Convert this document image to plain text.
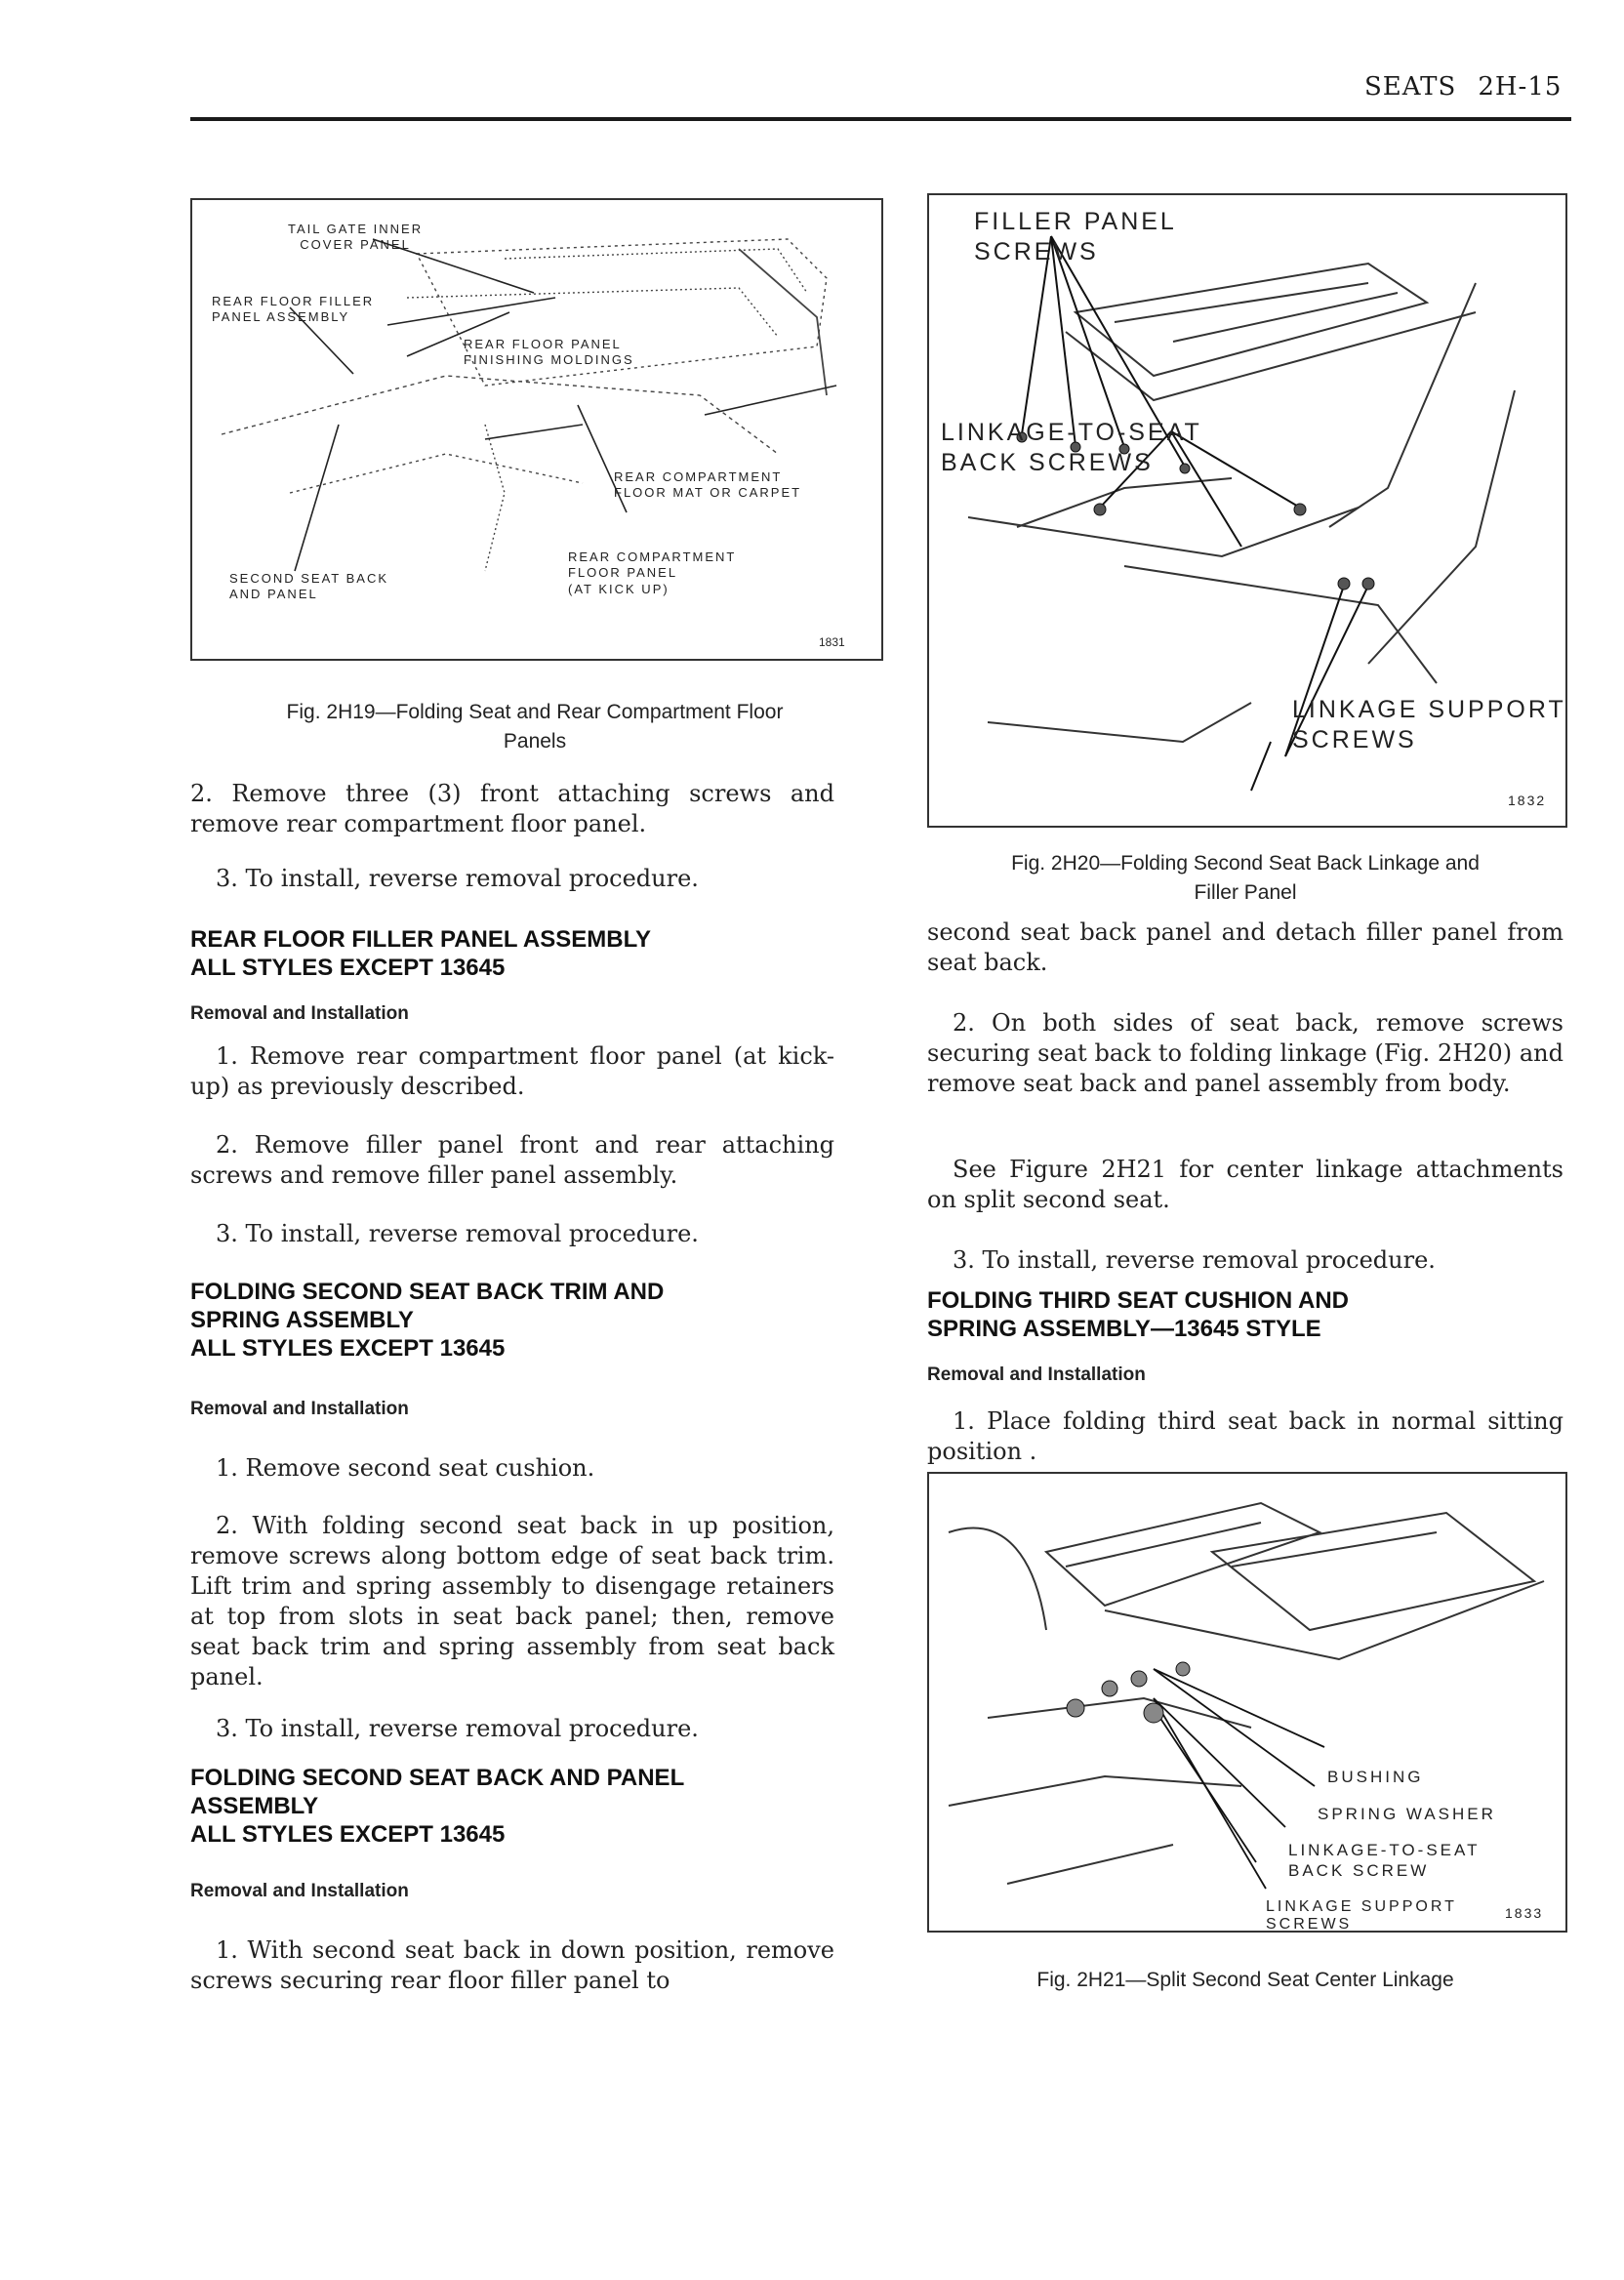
SEATS 2H-15
TAIL GATE INNER
COVER PANEL
REAR FLOOR FILLER
PANEL ASSEMBLY
REAR FLOOR PANEL
FINISHING MOLDINGS
REAR COMPARTMENT
FLOOR MAT OR CARPET
REAR COMPARTMENT
FLOOR PANEL
(AT KICK UP)
SECOND SEAT BACK
AND PANEL
1831
Fig. 2H19—Folding Seat and Rear Compartment Floor
Panels
FILLER PANEL
SCREWS
LINKAGE-TO-SEAT
BACK SCREWS
LINKAGE SUPPORT
SCREWS
1832
Fig. 2H20—Folding Second Seat Back Linkage and
Filler Panel
BUSHING
SPRING WASHER
LINKAGE-TO-SEAT
BACK SCREW
LINKAGE SUPPORT
SCREWS
1833
Fig. 2H21—Split Second Seat Center Linkage

2. Remove three (3) front attaching screws and remove rear compartment floor panel.

3. To install, reverse removal procedure.

REAR FLOOR FILLER PANEL ASSEMBLY
ALL STYLES EXCEPT 13645

Removal and Installation

1. Remove rear compartment floor panel (at kick-up) as previously described.

2. Remove filler panel front and rear attaching screws and remove filler panel assembly.

3. To install, reverse removal procedure.

FOLDING SECOND SEAT BACK TRIM AND
SPRING ASSEMBLY
ALL STYLES EXCEPT 13645

Removal and Installation

1. Remove second seat cushion.

2. With folding second seat back in up position, remove screws along bottom edge of seat back trim. Lift trim and spring assembly to disengage retainers at top from slots in seat back panel; then, remove seat back trim and spring assembly from seat back panel.

3. To install, reverse removal procedure.

FOLDING SECOND SEAT BACK AND PANEL
ASSEMBLY
ALL STYLES EXCEPT 13645

Removal and Installation

1. With second seat back in down position, remove screws securing rear floor filler panel to

second seat back panel and detach filler panel from seat back.

2. On both sides of seat back, remove screws securing seat back to folding linkage (Fig. 2H20) and remove seat back and panel assembly from body.

See Figure 2H21 for center linkage attachments on split second seat.

3. To install, reverse removal procedure.

FOLDING THIRD SEAT CUSHION AND
SPRING ASSEMBLY—13645 STYLE

Removal and Installation

1. Place folding third seat back in normal sitting position .
